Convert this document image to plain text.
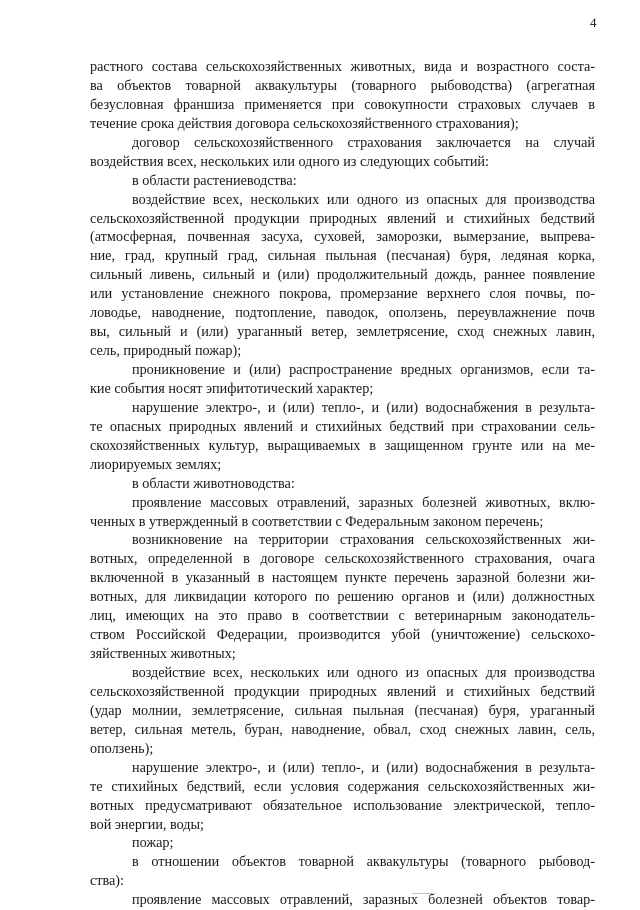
4
растного состава сельскохозяйственных животных, вида и возрастного соста-
ва объектов товарной аквакультуры (товарного рыбоводства) (агрегатная
безусловная франшиза применяется при совокупности страховых случаев в
течение срока действия договора сельскохозяйственного страхования);
договор сельскохозяйственного страхования заключается на случай
воздействия всех, нескольких или одного из следующих событий:
в области растениеводства:
воздействие всех, нескольких или одного из опасных для производства
сельскохозяйственной продукции природных явлений и стихийных бедствий
(атмосферная, почвенная засуха, суховей, заморозки, вымерзание, выпрева-
ние, град, крупный град, сильная пыльная (песчаная) буря, ледяная корка,
сильный ливень, сильный и (или) продолжительный дождь, раннее появление
или установление снежного покрова, промерзание верхнего слоя почвы, по-
ловодье, наводнение, подтопление, паводок, оползень, переувлажнение почв
вы, сильный и (или) ураганный ветер, землетрясение, сход снежных лавин,
сель, природный пожар);
проникновение и (или) распространение вредных организмов, если та-
кие события носят эпифитотический характер;
нарушение электро-, и (или) тепло-, и (или) водоснабжения в результа-
те опасных природных явлений и стихийных бедствий при страховании сель-
скохозяйственных культур, выращиваемых в защищенном грунте или на ме-
лиорируемых землях;
в области животноводства:
проявление массовых отравлений, заразных болезней животных, вклю-
ченных в утвержденный в соответствии с Федеральным законом перечень;
возникновение на территории страхования сельскохозяйственных жи-
вотных, определенной в договоре сельскохозяйственного страхования, очага
включенной в указанный в настоящем пункте перечень заразной болезни жи-
вотных, для ликвидации которого по решению органов и (или) должностных
лиц, имеющих на это право в соответствии с ветеринарным законодатель-
ством Российской Федерации, производится убой (уничтожение) сельскохо-
зяйственных животных;
воздействие всех, нескольких или одного из опасных для производства
сельскохозяйственной продукции природных явлений и стихийных бедствий
(удар молнии, землетрясение, сильная пыльная (песчаная) буря, ураганный
ветер, сильная метель, буран, наводнение, обвал, сход снежных лавин, сель,
оползень);
нарушение электро-, и (или) тепло-, и (или) водоснабжения в результа-
те стихийных бедствий, если условия содержания сельскохозяйственных жи-
вотных предусматривают обязательное использование электрической, тепло-
вой энергии, воды;
пожар;
в отношении объектов товарной аквакультуры (товарного рыбовод-
ства):
проявление массовых отравлений, заразных болезней объектов товар-
